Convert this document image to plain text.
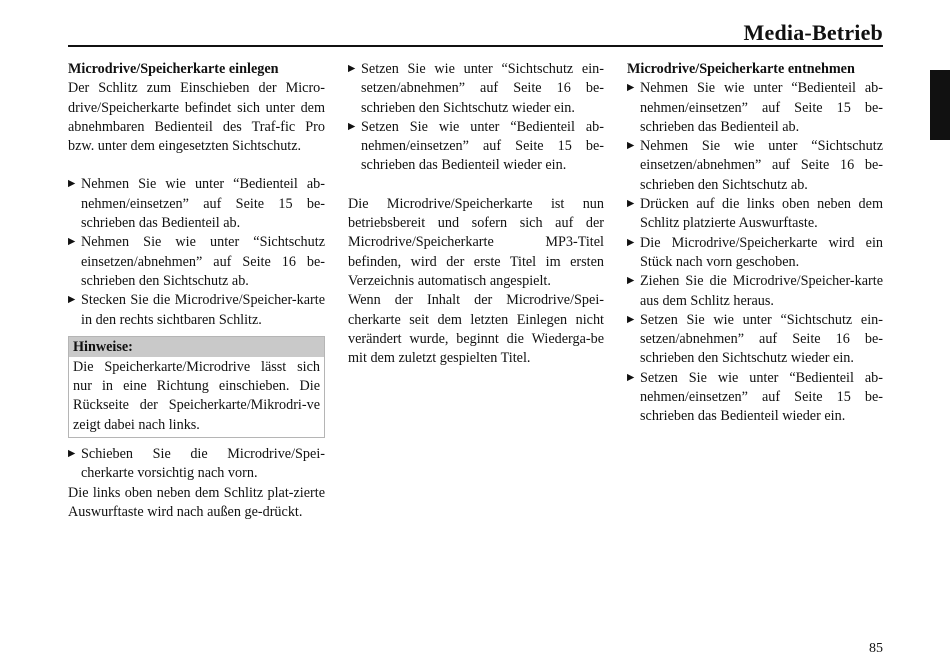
Media-Betrieb

Microdrive/Speicherkarte einlegen

Der Schlitz zum Einschieben der Micro-drive/Speicherkarte befindet sich unter dem abnehmbaren Bedienteil des Traf-fic Pro bzw. unter dem eingesetzten Sichtschutz.

▶ Nehmen Sie wie unter “Bedienteil ab-nehmen/einsetzen” auf Seite 15 be-schrieben das Bedienteil ab.

▶ Nehmen Sie wie unter “Sichtschutz einsetzen/abnehmen” auf Seite 16 be-schrieben den Sichtschutz ab.

▶ Stecken Sie die Microdrive/Speicher-karte in den rechts sichtbaren Schlitz.

Hinweise:
Die Speicherkarte/Microdrive lässt sich nur in eine Richtung einschieben. Die Rückseite der Speicherkarte/Mikrodri-ve zeigt dabei nach links.

▶ Schieben Sie die Microdrive/Spei-cherkarte vorsichtig nach vorn.

Die links oben neben dem Schlitz plat-zierte Auswurftaste wird nach außen ge-drückt.

▶ Setzen Sie wie unter “Sichtschutz ein-setzen/abnehmen” auf Seite 16 be-schrieben den Sichtschutz wieder ein.

▶ Setzen Sie wie unter “Bedienteil ab-nehmen/einsetzen” auf Seite 15 be-schrieben das Bedienteil wieder ein.

Die Microdrive/Speicherkarte ist nun betriebsbereit und sofern sich auf der Microdrive/Speicherkarte MP3-Titel befinden, wird der erste Titel im ersten Verzeichnis automatisch angespielt.

Wenn der Inhalt der Microdrive/Spei-cherkarte seit dem letzten Einlegen nicht verändert wurde, beginnt die Wiederga-be mit dem zuletzt gespielten Titel.

Microdrive/Speicherkarte entnehmen

▶ Nehmen Sie wie unter “Bedienteil ab-nehmen/einsetzen” auf Seite 15 be-schrieben das Bedienteil ab.

▶ Nehmen Sie wie unter “Sichtschutz einsetzen/abnehmen” auf Seite 16 be-schrieben den Sichtschutz ab.

▶ Drücken auf die links oben neben dem Schlitz platzierte Auswurftaste.

▶ Die Microdrive/Speicherkarte wird ein Stück nach vorn geschoben.

▶ Ziehen Sie die Microdrive/Speicher-karte aus dem Schlitz heraus.

▶ Setzen Sie wie unter “Sichtschutz ein-setzen/abnehmen” auf Seite 16 be-schrieben den Sichtschutz wieder ein.

▶ Setzen Sie wie unter “Bedienteil ab-nehmen/einsetzen” auf Seite 15 be-schrieben das Bedienteil wieder ein.

85
